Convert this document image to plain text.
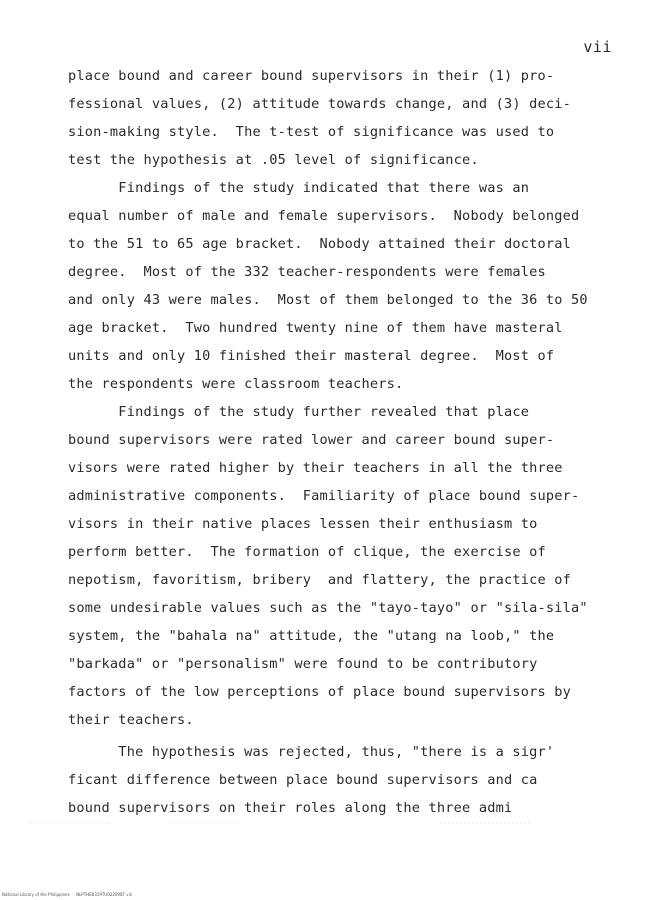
vii
place bound and career bound supervisors in their (1) pro-
fessional values, (2) attitude towards change, and (3) deci-
sion-making style.  The t-test of significance was used to
test the hypothesis at .05 level of significance.
Findings of the study indicated that there was an
equal number of male and female supervisors.  Nobody belonged
to the 51 to 65 age bracket.  Nobody attained their doctoral
degree.  Most of the 332 teacher-respondents were females
and only 43 were males.  Most of them belonged to the 36 to 50
age bracket.  Two hundred twenty nine of them have masteral
units and only 10 finished their masteral degree.  Most of
the respondents were classroom teachers.
Findings of the study further revealed that place
bound supervisors were rated lower and career bound super-
visors were rated higher by their teachers in all the three
administrative components.  Familiarity of place bound super-
visors in their native places lessen their enthusiasm to
perform better.  The formation of clique, the exercise of
nepotism, favoritism, bribery  and flattery, the practice of
some undesirable values such as the "tayo-tayo" or "sila-sila"
system, the "bahala na" attitude, the "utang na loob," the
"barkada" or "personalism" were found to be contributory
factors of the low perceptions of place bound supervisors by
their teachers.
The hypothesis was rejected, thus, "there is a sigr'
ficant difference between place bound supervisors and ca
bound supervisors on their roles along the three admi
National Library of the Philippines     NLPTHE8319TU022098T viii
